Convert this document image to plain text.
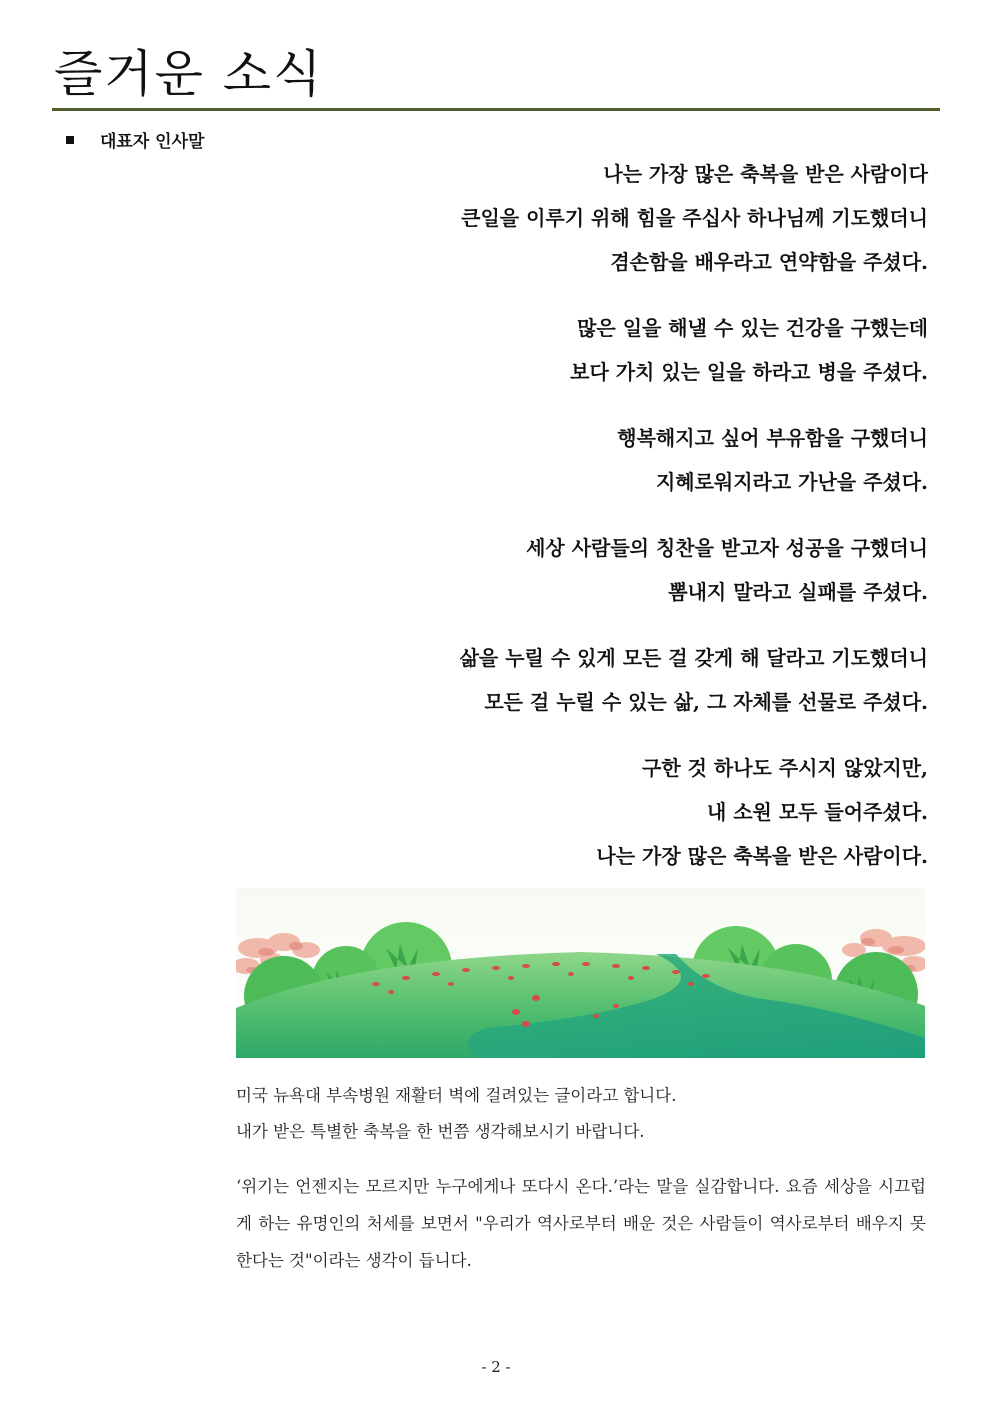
즐거운 소식
대표자 인사말
나는 가장 많은 축복을 받은 사람이다
큰일을 이루기 위해 힘을 주십사 하나님께 기도했더니
겸손함을 배우라고 연약함을 주셨다.
많은 일을 해낼 수 있는 건강을 구했는데
보다 가치 있는 일을 하라고 병을 주셨다.
행복해지고 싶어 부유함을 구했더니
지혜로워지라고 가난을 주셨다.
세상 사람들의 칭찬을 받고자 성공을 구했더니
뽐내지 말라고 실패를 주셨다.
삶을 누릴 수 있게 모든 걸 갖게 해 달라고 기도했더니
모든 걸 누릴 수 있는 삶, 그 자체를 선물로 주셨다.
구한 것 하나도 주시지 않았지만,
내 소원 모두 들어주셨다.
나는 가장 많은 축복을 받은 사람이다.
미국 뉴욕대 부속병원 재활터 벽에 걸려있는 글이라고 합니다.
내가 받은 특별한 축복을 한 번쯤 생각해보시기 바랍니다.
‘위기는 언젠지는 모르지만 누구에게나 또다시 온다.’라는 말을 실감합니다. 요즘 세상을 시끄럽게 하는 유명인의 처세를 보면서 "우리가 역사로부터 배운 것은 사람들이 역사로부터 배우지 못한다는 것"이라는 생각이 듭니다.
- 2 -
